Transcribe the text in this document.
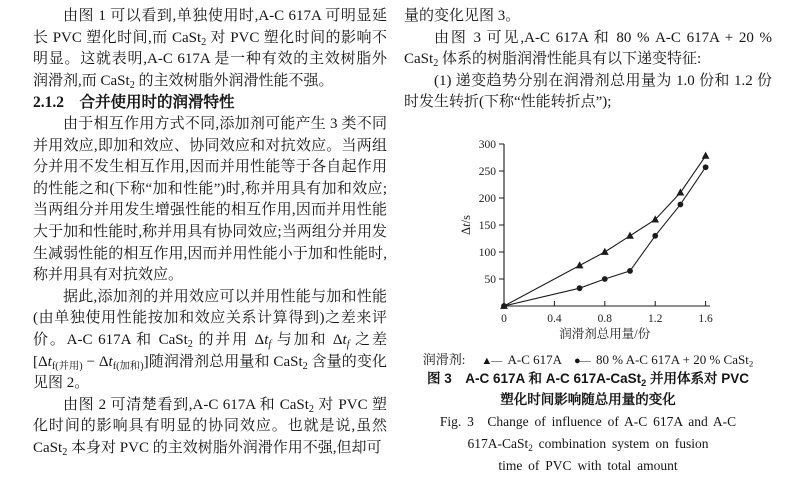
由图 1 可以看到,单独使用时,A-C 617A 可明显延长 PVC 塑化时间,而 CaSt$_2$ 对 PVC 塑化时间的影响不明显。这就表明,A-C 617A 是一种有效的主效树脂外润滑剂,而 CaSt$_2$ 的主效树脂外润滑性能不强。

2.1.2　合并使用时的润滑特性

由于相互作用方式不同,添加剂可能产生 3 类不同并用效应,即加和效应、协同效应和对抗效应。当两组分并用不发生相互作用,因而并用性能等于各自起作用的性能之和(下称“加和性能”)时,称并用具有加和效应;当两组分并用发生增强性能的相互作用,因而并用性能大于加和性能时,称并用具有协同效应;当两组分并用发生减弱性能的相互作用,因而并用性能小于加和性能时,称并用具有对抗效应。

据此,添加剂的并用效应可以并用性能与加和性能(由单独使用性能按加和效应关系计算得到)之差来评价。A-C 617A 和 CaSt$_2$ 的并用 $\Delta t_f$ 与加和 $\Delta t_f$ 之差$[\Delta t_{f(并用)} - \Delta t_{f(加和)}]$随润滑剂总用量和 CaSt$_2$ 含量的变化见图 2。

由图 2 可清楚看到,A-C 617A 和 CaSt$_2$ 对 PVC 塑化时间的影响具有明显的协同效应。也就是说,虽然 CaSt$_2$ 本身对 PVC 的主效树脂外润滑作用不强,但却可

量的变化见图 3。

由图 3 可见,A-C 617A 和 80 % A-C 617A + 20 % CaSt$_2$ 体系的树脂润滑性能具有以下递变特征:

(1) 递变趋势分别在润滑剂总用量为 1.0 份和 1.2 份时发生转折(下称“性能转折点”);

50
100
150
200
250
300
0	0.4	0.8	1.2	1.6
Δt/s
润滑剂总用量/份
润滑剂: ▲— A-C 617A ●— 80 % A-C 617A + 20 % CaSt$_2$

图 3　A-C 617A 和 A-C 617A-CaSt$_2$ 并用体系对 PVC

塑化时间影响随总用量的变化

Fig. 3　Change of influence of A-C 617A and A-C

617A-CaSt$_2$ combination system on fusion

time of PVC with total amount
